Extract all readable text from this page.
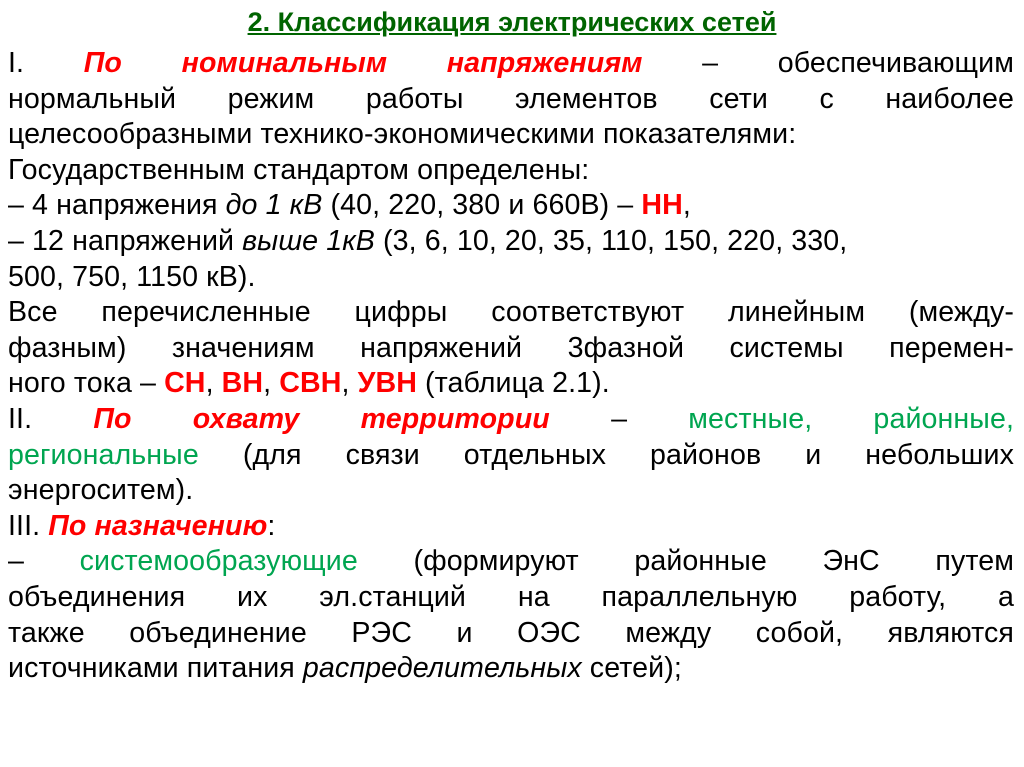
2. Классификация электрических сетей
I. По номинальным напряжениям – обеспечивающим
нормальный режим работы элементов сети с наиболее
целесообразными технико-экономическими показателями:
Государственным стандартом определены:
– 4 напряжения до 1 кВ (40, 220, 380 и 660В) – НН,
– 12 напряжений выше 1кВ (3, 6, 10, 20, 35, 110, 150, 220, 330,
500, 750, 1150 кВ).
Все перечисленные цифры соответствуют линейным (между-
фазным) значениям напряжений 3фазной системы перемен-
ного тока – СН, ВН, СВН, УВН (таблица 2.1).
II. По охвату территории – местные, районные,
региональные (для связи отдельных районов и небольших
энергоситем).
III. По назначению:
– системообразующие (формируют районные ЭнС путем
объединения их эл.станций на параллельную работу, а
также объединение РЭС и ОЭС между собой, являются
источниками питания распределительных сетей);
